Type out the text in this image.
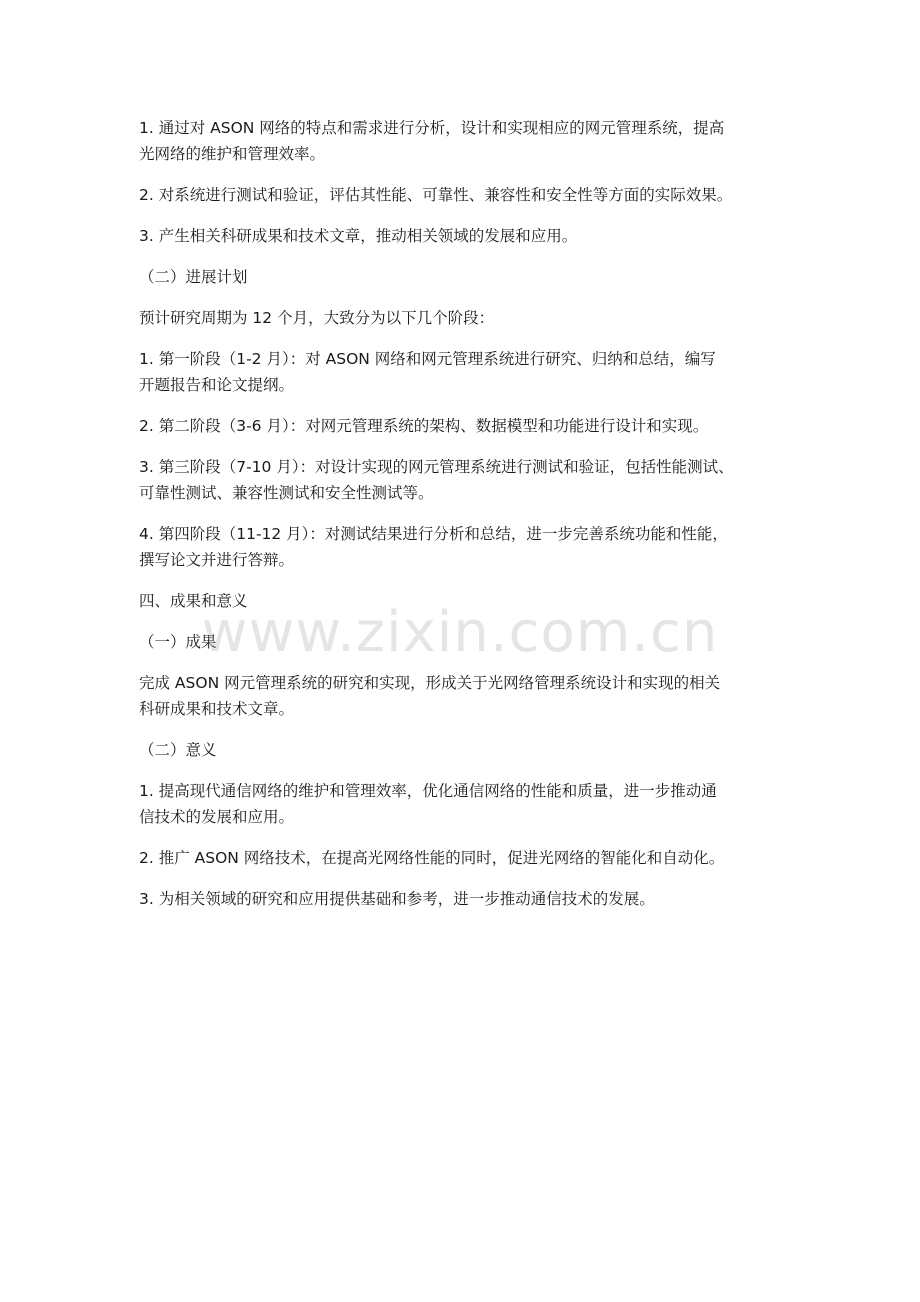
1. 通过对 ASON 网络的特点和需求进行分析，设计和实现相应的网元管理系统，提高
光网络的维护和管理效率。

2. 对系统进行测试和验证，评估其性能、可靠性、兼容性和安全性等方面的实际效果。

3. 产生相关科研成果和技术文章，推动相关领域的发展和应用。

（二）进展计划

预计研究周期为 12 个月，大致分为以下几个阶段：

1. 第一阶段（1-2 月）：对 ASON 网络和网元管理系统进行研究、归纳和总结，编写
开题报告和论文提纲。

2. 第二阶段（3-6 月）：对网元管理系统的架构、数据模型和功能进行设计和实现。

3. 第三阶段（7-10 月）：对设计实现的网元管理系统进行测试和验证，包括性能测试、
可靠性测试、兼容性测试和安全性测试等。

4. 第四阶段（11-12 月）：对测试结果进行分析和总结，进一步完善系统功能和性能，
撰写论文并进行答辩。

四、成果和意义

（一）成果

完成 ASON 网元管理系统的研究和实现，形成关于光网络管理系统设计和实现的相关
科研成果和技术文章。

（二）意义

1. 提高现代通信网络的维护和管理效率，优化通信网络的性能和质量，进一步推动通
信技术的发展和应用。

2. 推广 ASON 网络技术，在提高光网络性能的同时，促进光网络的智能化和自动化。

3. 为相关领域的研究和应用提供基础和参考，进一步推动通信技术的发展。

www.zixin.com.cn
